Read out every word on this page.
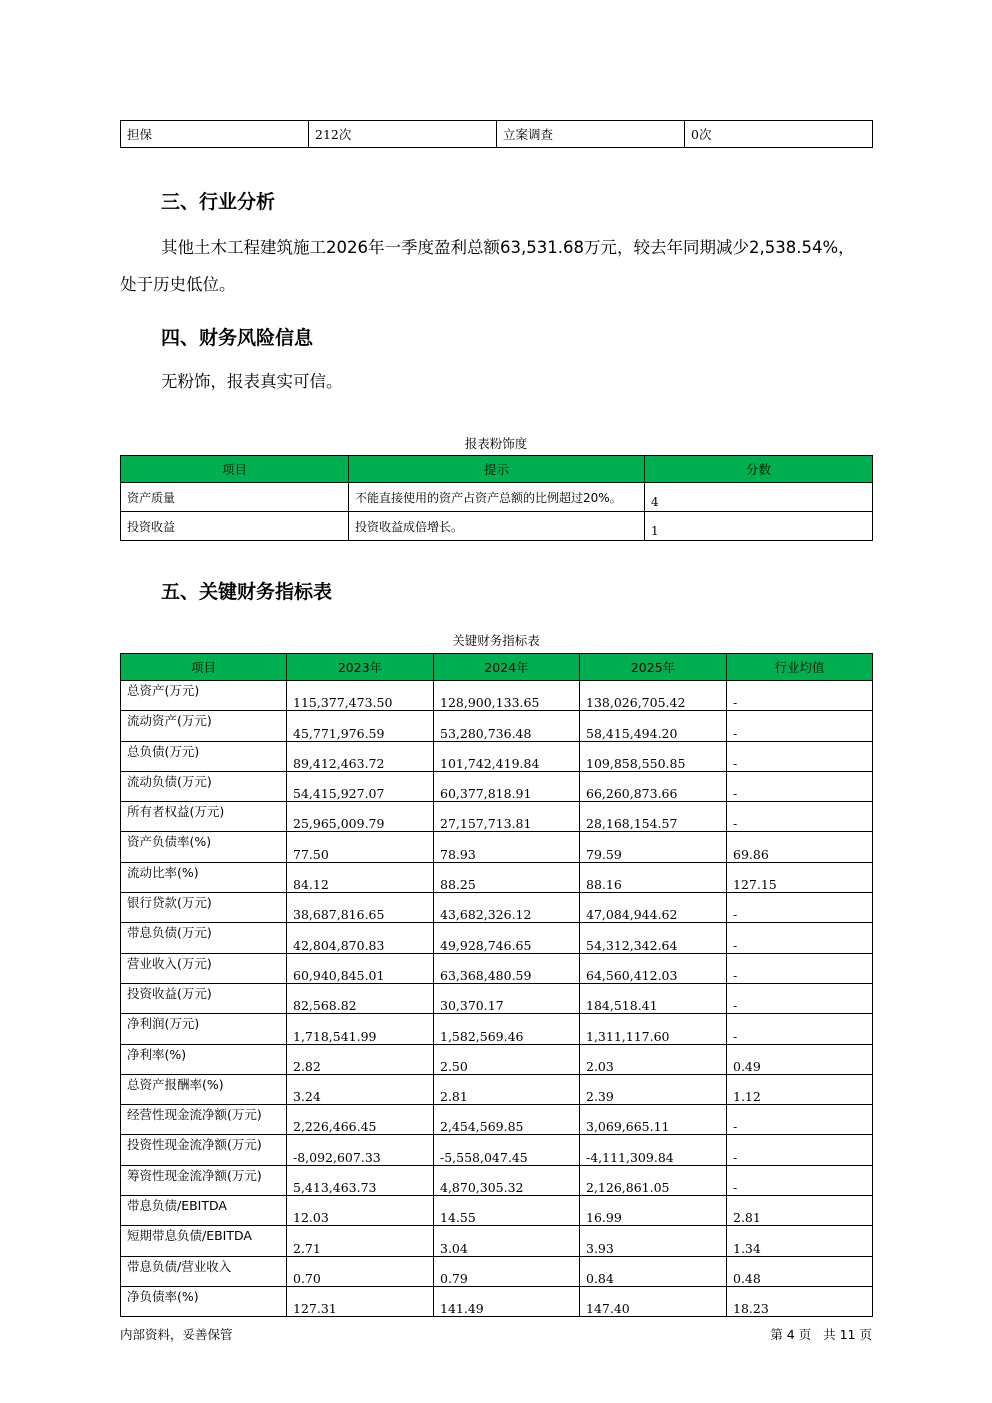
担保	212次	立案调查	0次
三、行业分析

其他土木工程建筑施工2026年一季度盈利总额63,531.68万元，较去年同期减少2,538.54%，

处于历史低位。

四、财务风险信息

无粉饰，报表真实可信。

报表粉饰度
项目	提示	分数
资产质量	不能直接使用的资产占资产总额的比例超过20%。	4
投资收益	投资收益成倍增长。	1
五、关键财务指标表
关键财务指标表
项目	2023年	2024年	2025年	行业均值
总资产(万元)	115,377,473.50	128,900,133.65	138,026,705.42	-
流动资产(万元)	45,771,976.59	53,280,736.48	58,415,494.20	-
总负债(万元)	89,412,463.72	101,742,419.84	109,858,550.85	-
流动负债(万元)	54,415,927.07	60,377,818.91	66,260,873.66	-
所有者权益(万元)	25,965,009.79	27,157,713.81	28,168,154.57	-
资产负债率(%)	77.50	78.93	79.59	69.86
流动比率(%)	84.12	88.25	88.16	127.15
银行贷款(万元)	38,687,816.65	43,682,326.12	47,084,944.62	-
带息负债(万元)	42,804,870.83	49,928,746.65	54,312,342.64	-
营业收入(万元)	60,940,845.01	63,368,480.59	64,560,412.03	-
投资收益(万元)	82,568.82	30,370.17	184,518.41	-
净利润(万元)	1,718,541.99	1,582,569.46	1,311,117.60	-
净利率(%)	2.82	2.50	2.03	0.49
总资产报酬率(%)	3.24	2.81	2.39	1.12
经营性现金流净额(万元)	2,226,466.45	2,454,569.85	3,069,665.11	-
投资性现金流净额(万元)	-8,092,607.33	-5,558,047.45	-4,111,309.84	-
筹资性现金流净额(万元)	5,413,463.73	4,870,305.32	2,126,861.05	-
带息负债/EBITDA	12.03	14.55	16.99	2.81
短期带息负债/EBITDA	2.71	3.04	3.93	1.34
带息负债/营业收入	0.70	0.79	0.84	0.48
净负债率(%)	127.31	141.49	147.40	18.23
内部资料，妥善保管	第 4 页   共 11 页
